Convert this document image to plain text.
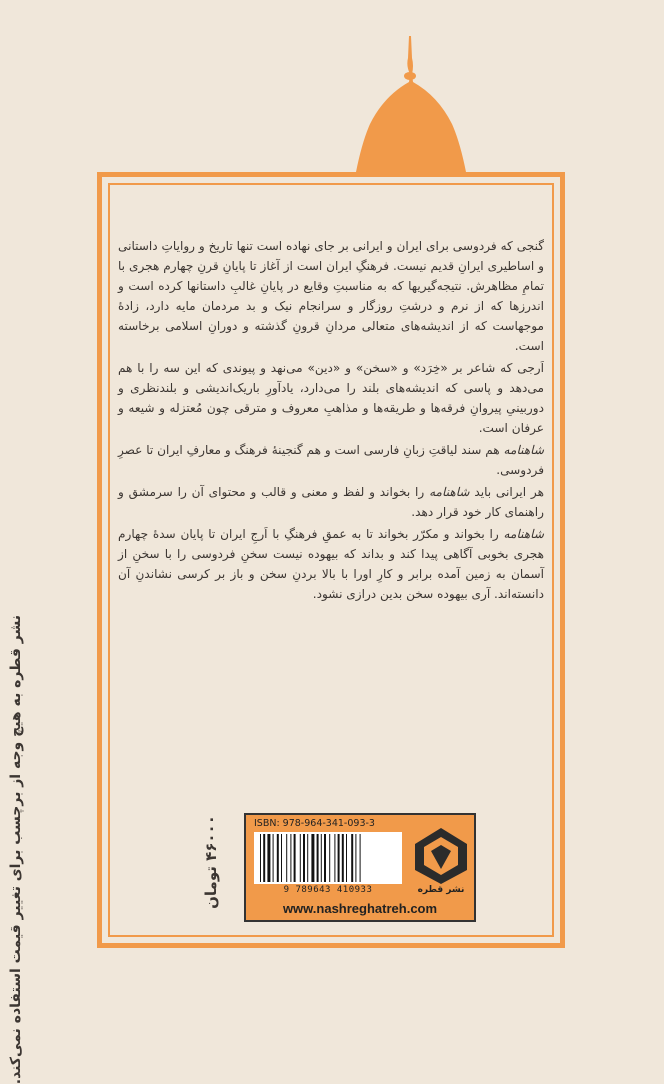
گنجی که فردوسی برای ایران و ایرانی بر جای نهاده است تنها تاریخ و روایاتِ داستانی و اساطیری ایرانِ قدیم نیست. فرهنگِ ایران است از آغاز تا پایانِ قرنِ چهارم هجری با تمامِ مظاهرش. نتیجه‌گیریها که به مناسبتِ وقایع در پایانِ غالبِ داستانها کرده است و اندرزها که از نرم و درشتِ روزگار و سرانجام نیک و بد مردمان مایه دارد، زادهٔ موجهاست که از اندیشه‌های متعالی مردانِ قرونِ گذشته و دورانِ اسلامی برخاسته است.

اَرجی که شاعر بر «خِرَد» و «سخن» و «دین» می‌نهد و پیوندی که این سه را با هم می‌دهد و پاسی که اندیشه‌های بلند را می‌دارد، یادآورِ باریک‌اندیشی و بلندنظری و دوربینیِ پیروانِ فرقه‌ها و طریقه‌ها و مذاهبِ معروف و مترقی چون مُعتزله و شیعه و عرفان است.

شاهنامه هم سند لیاقتِ زبانِ فارسی است و هم گنجینهٔ فرهنگ و معارفِ ایران تا عصرِ فردوسی.

هر ایرانی باید شاهنامه را بخواند و لفظ و معنی و قالب و محتوای آن را سرمشق و راهنمای کار خود قرار دهد.

شاهنامه را بخواند و مکرّر بخواند تا به عمقِ فرهنگِ با اَرجِ ایران تا پایان سدهٔ چهارم هجری بخوبی آگاهی پیدا کند و بداند که بیهوده نیست سخنِ فردوسی را با سخنِ از آسمان به زمین آمده برابر و کارِ اورا با بالا بردنِ سخن و باز بر کرسی نشاندنِ آن دانسته‌اند. آری بیهوده سخن بدین درازی نشود.

نشر قطره به هیچ وجه از برچسب برای تغییر قیمت استفاده نمی‌کند.	۴۶۰۰۰ تومان	ISBN: 978-964-341-093-3
9 789643 410933	نشر قطره
www.nashreghatreh.com
